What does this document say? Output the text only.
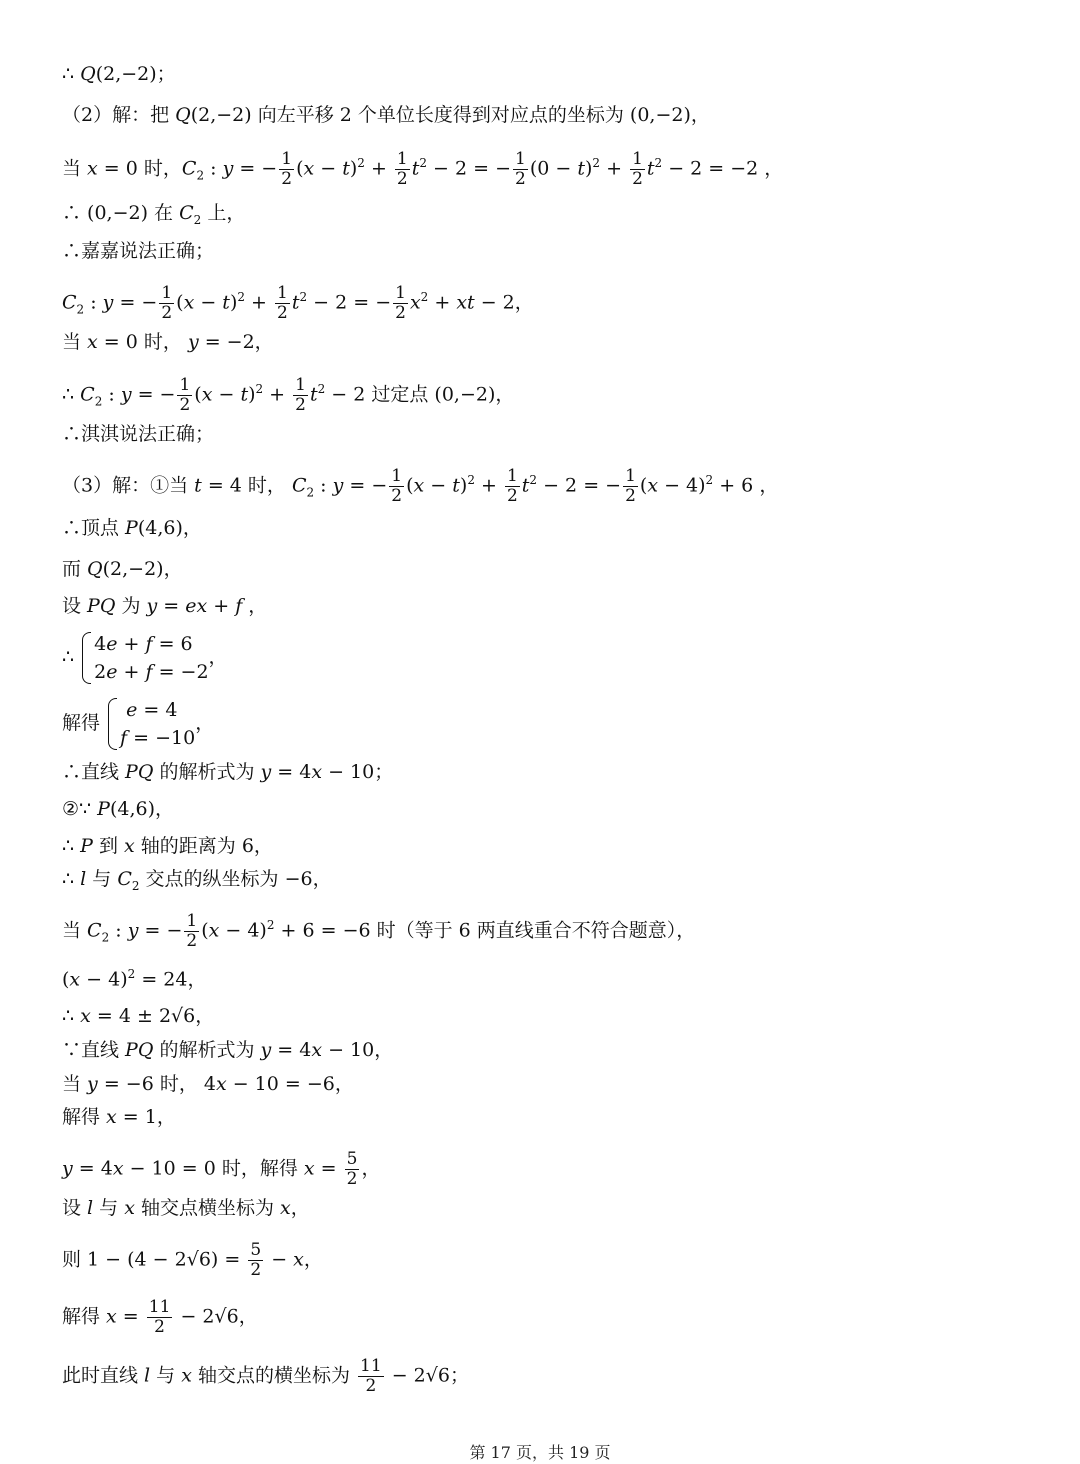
∴ Q(2,−2)；
（2）解：把 Q(2,−2) 向左平移 2 个单位长度得到对应点的坐标为 (0,−2)，
当 x = 0 时，$C_2$ : y = − $\frac{1}{2} (x - t)^2 + \frac{1}{2} t^2 - 2$ = − $\frac{1}{2} (0 - t)^2 + \frac{1}{2} t^2 - 2 = -2$ ，
∴ (0,−2) 在 $C_2$ 上，
∴嘉嘉说法正确；
$C_2$ : y = − $\frac{1}{2} (x - t)^2 + \frac{1}{2} t^2 - 2$ = − $\frac{1}{2} x^2$ + xt − 2，
当 x = 0 时， y = −2，
∴ $C_2$ : y = − $\frac{1}{2} (x - t)^2 + \frac{1}{2} t^2 - 2$ 过定点 (0,−2)，
∴淇淇说法正确；
（3）解：①当 t = 4 时， $C_2$ : y = − $\frac{1}{2} (x - t)^2 + \frac{1}{2} t^2 - 2$ = − $\frac{1}{2} (x - 4)^2 + 6$ ，
∴顶点 P(4,6)，
而 Q(2,−2)，
设 PQ 为 y = ex + f ，
∴
4e + f = 6
2e + f = −2
，
解得
e = 4
f = −10
，
∴直线 PQ 的解析式为 y = 4x − 10；
②∵ P(4,6)，
∴ P 到 x 轴的距离为 6，
∴ l 与 $C_2$ 交点的纵坐标为 −6，
当 $C_2$ : y = − $\frac{1}{2} (x - 4)^2 + 6 = -6$ 时（等于 6 两直线重合不符合题意），
$(x - 4)^2 = 24$，
∴ x = 4 ± 2√6，
∵直线 PQ 的解析式为 y = 4x − 10，
当 y = −6 时， 4x − 10 = −6，
解得 x = 1，
y = 4x − 10 = 0 时，解得 $x = \frac{5}{2}$ ，
设 l 与 x 轴交点横坐标为 x，
则 $1 - (4 - 2√6) = \frac{5}{2} - x$，
解得 $x = \frac{11}{2} - 2√6$，
此时直线 l 与 x 轴交点的横坐标为 $\frac{11}{2} - 2√6$；
第 17 页，共 19 页
